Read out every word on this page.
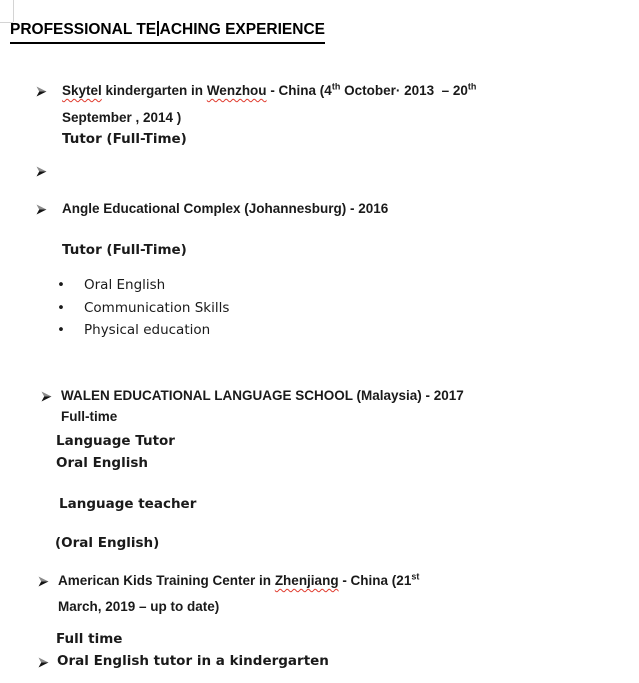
PROFESSIONAL TE ACHING EXPERIENCE
Skytel kindergarten in Wenzhou - China (4th October· 2013  – 20th
September , 2014 )
Tutor (Full-Time)
Angle Educational Complex (Johannesburg) - 2016
Tutor (Full-Time)
• Oral English
• Communication Skills
• Physical education
WALEN EDUCATIONAL LANGUAGE SCHOOL (Malaysia) - 2017
Full-time
Language Tutor
Oral English
Language teacher
(Oral English)
American Kids Training Center in Zhenjiang - China (21st
March, 2019 – up to date)
Full time
Oral English tutor in a kindergarten
